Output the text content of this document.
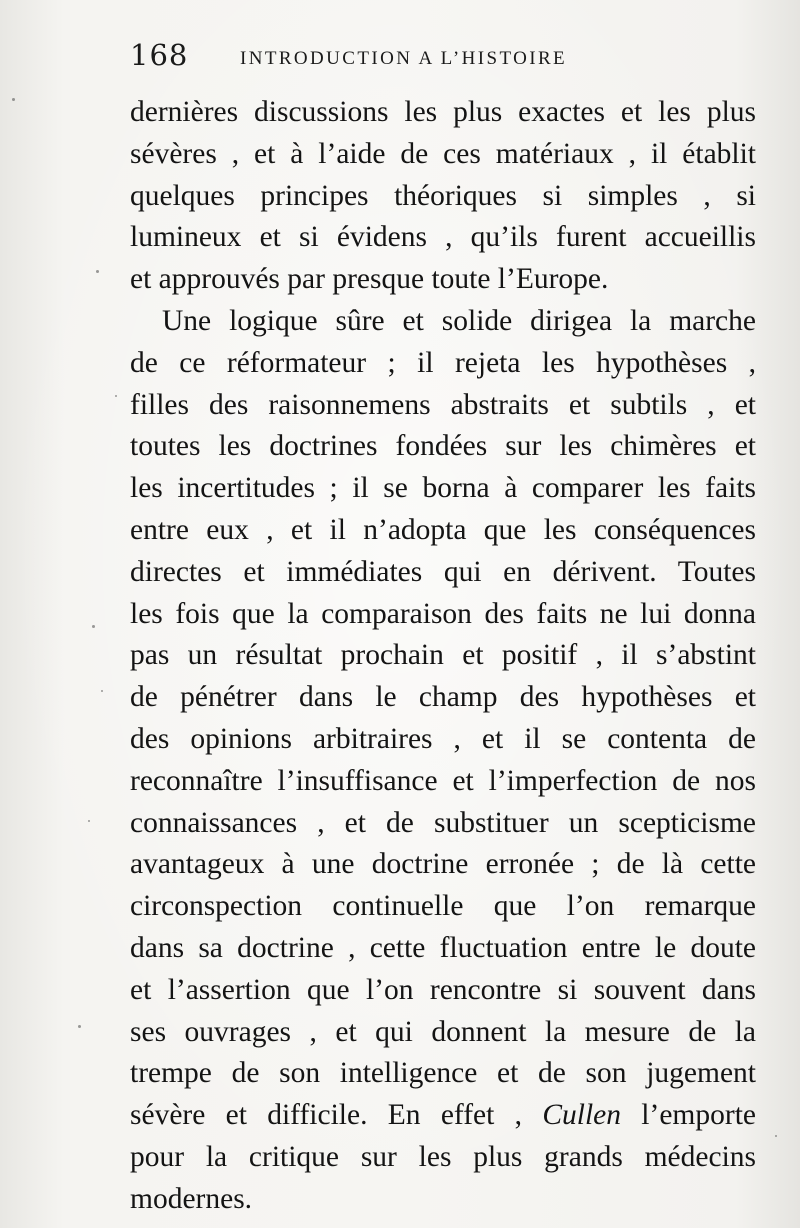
168	INTRODUCTION A L’HISTOIRE
dernières discussions les plus exactes et les plus
sévères , et à l’aide de ces matériaux , il établit
quelques principes théoriques si simples , si
lumineux et si évidens , qu’ils furent accueillis
et approuvés par presque toute l’Europe.
Une logique sûre et solide dirigea la marche
de ce réformateur ; il rejeta les hypothèses ,
filles des raisonnemens abstraits et subtils , et
toutes les doctrines fondées sur les chimères et
les incertitudes ; il se borna à comparer les faits
entre eux , et il n’adopta que les conséquences
directes et immédiates qui en dérivent. Toutes
les fois que la comparaison des faits ne lui donna
pas un résultat prochain et positif , il s’abstint
de pénétrer dans le champ des hypothèses et
des opinions arbitraires , et il se contenta de
reconnaître l’insuffisance et l’imperfection de nos
connaissances , et de substituer un scepticisme
avantageux à une doctrine erronée ; de là cette
circonspection continuelle que l’on remarque
dans sa doctrine , cette fluctuation entre le doute
et l’assertion que l’on rencontre si souvent dans
ses ouvrages , et qui donnent la mesure de la
trempe de son intelligence et de son jugement
sévère et difficile. En effet , Cullen l’emporte
pour la critique sur les plus grands médecins
modernes.
